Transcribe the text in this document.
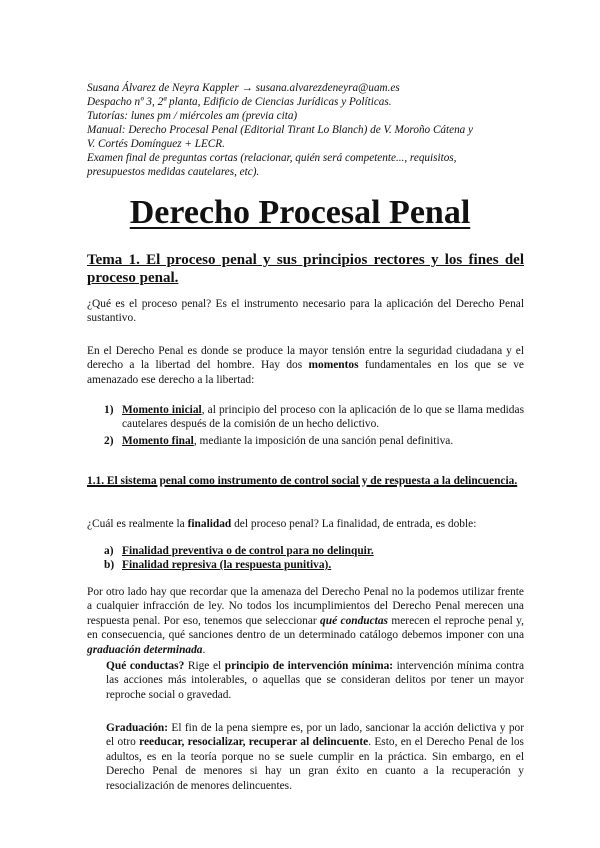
Susana Álvarez de Neyra Kappler → susana.alvarezdeneyra@uam.es
Despacho nº 3, 2ª planta, Edificio de Ciencias Jurídicas y Políticas.
Tutorías: lunes pm / miércoles am (previa cita)
Manual: Derecho Procesal Penal (Editorial Tirant Lo Blanch) de V. Moroño Cátena y
V. Cortés Domínguez + LECR.
Examen final de preguntas cortas (relacionar, quién será competente..., requisitos,
presupuestos medidas cautelares, etc).
Derecho Procesal Penal
Tema 1. El proceso penal y sus principios rectores y los fines del proceso penal.
¿Qué es el proceso penal? Es el instrumento necesario para la aplicación del Derecho Penal sustantivo.
En el Derecho Penal es donde se produce la mayor tensión entre la seguridad ciudadana y el derecho a la libertad del hombre. Hay dos momentos fundamentales en los que se ve amenazado ese derecho a la libertad:
1) Momento inicial, al principio del proceso con la aplicación de lo que se llama medidas cautelares después de la comisión de un hecho delictivo.
2) Momento final, mediante la imposición de una sanción penal definitiva.
1.1. El sistema penal como instrumento de control social y de respuesta a la delincuencia.
¿Cuál es realmente la finalidad del proceso penal? La finalidad, de entrada, es doble:
a) Finalidad preventiva o de control para no delinquir.
b) Finalidad represiva (la respuesta punitiva).
Por otro lado hay que recordar que la amenaza del Derecho Penal no la podemos utilizar frente a cualquier infracción de ley. No todos los incumplimientos del Derecho Penal merecen una respuesta penal. Por eso, tenemos que seleccionar qué conductas merecen el reproche penal y, en consecuencia, qué sanciones dentro de un determinado catálogo debemos imponer con una graduación determinada.
Qué conductas? Rige el principio de intervención mínima: intervención mínima contra las acciones más intolerables, o aquellas que se consideran delitos por tener un mayor reproche social o gravedad.
Graduación: El fin de la pena siempre es, por un lado, sancionar la acción delictiva y por el otro reeducar, resocializar, recuperar al delincuente. Esto, en el Derecho Penal de los adultos, es en la teoría porque no se suele cumplir en la práctica. Sin embargo, en el Derecho Penal de menores si hay un gran éxito en cuanto a la recuperación y resocialización de menores delincuentes.
